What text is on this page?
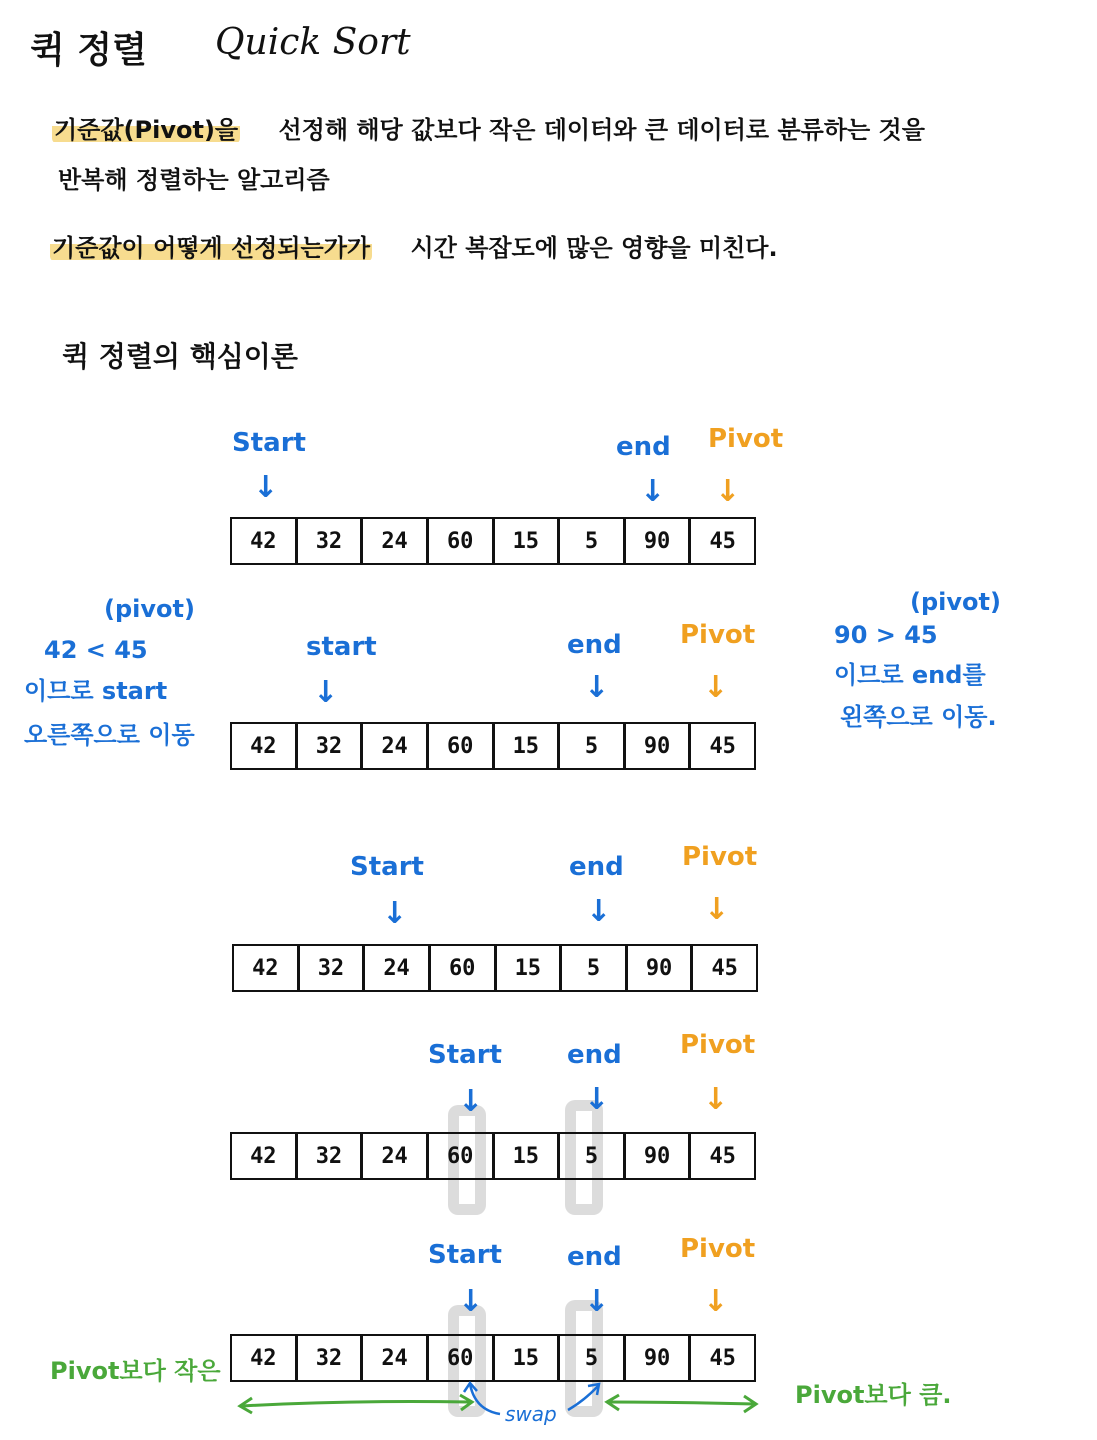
퀵 정렬 Quick Sort
기준값(Pivot)을 선정해 해당 값보다 작은 데이터와 큰 데이터로 분류하는 것을
반복해 정렬하는 알고리즘
기준값이 어떻게 선정되는가가 시간 복잡도에 많은 영향을 미친다.
퀵 정렬의 핵심이론
Start
↓
end
↓
Pivot
↓
42	32	24	60	15	5	90	45
(pivot)
42 < 45
이므로 start
오른쪽으로 이동
(pivot)
90 > 45
이므로 end를
왼쪽으로 이동.
start
↓
end
↓
Pivot
↓
42	32	24	60	15	5	90	45
Start
↓
end
↓
Pivot
↓
42	32	24	60	15	5	90	45
Start
↓
end
↓
Pivot
↓
42	32	24	60	15	5	90	45
Start
↓
end
↓
Pivot
↓
42	32	24	60	15	5	90	45
Pivot보다 작은
Pivot보다 큼.
swap
